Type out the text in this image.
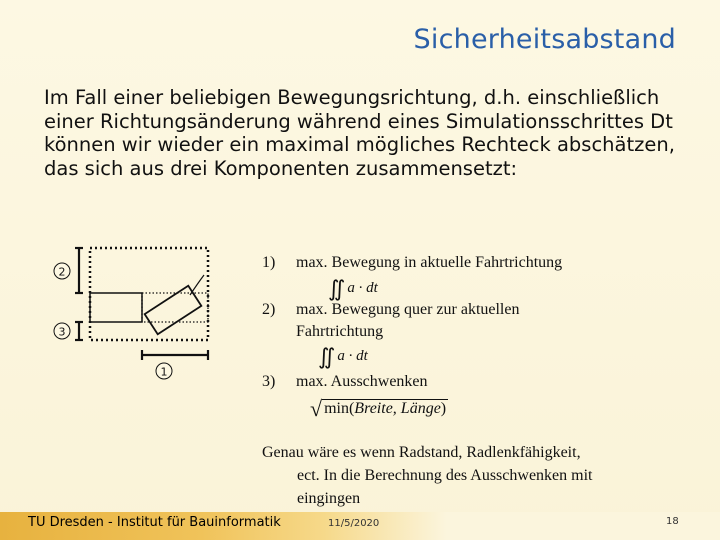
Sicherheitsabstand
Im Fall einer beliebigen Bewegungsrichtung, d.h. einschließlich einer Richtungsänderung während eines Simulationsschrittes Dt können wir wieder ein maximal mögliches Rechteck abschätzen, das sich aus drei Komponenten zusammensetzt:
2
3
1
1) max. Bewegung in aktuelle Fahrtrichtung
∬ a · dt
2) max. Bewegung quer zur aktuellen
Fahrtrichtung
∬ a · dt
3) max. Ausschwenken
√ min(Breite, Länge)
Genau wäre es wenn Radstand, Radlenkfähigkeit,
ect. In die Berechnung des Ausschwenken mit
eingingen
TU Dresden - Institut für Bauinformatik	11/5/2020	18
